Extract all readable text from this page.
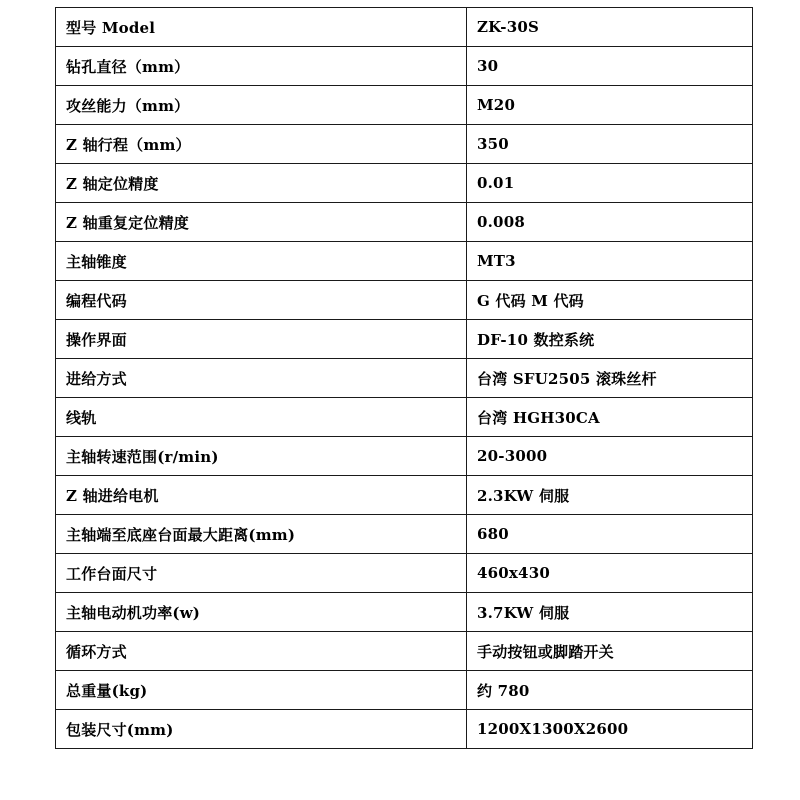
型号 Model	ZK-30S
钻孔直径（mm）	30
攻丝能力（mm）	M20
Z 轴行程（mm）	350
Z 轴定位精度	0.01
Z 轴重复定位精度	0.008
主轴锥度	MT3
编程代码	G 代码 M 代码
操作界面	DF-10 数控系统
进给方式	台湾 SFU2505 滚珠丝杆
线轨	台湾 HGH30CA
主轴转速范围(r/min)	20-3000
Z 轴进给电机	2.3KW 伺服
主轴端至底座台面最大距离(mm)	680
工作台面尺寸	460x430
主轴电动机功率(w)	3.7KW 伺服
循环方式	手动按钮或脚踏开关
总重量(kg)	约 780
包装尺寸(mm)	1200X1300X2600
